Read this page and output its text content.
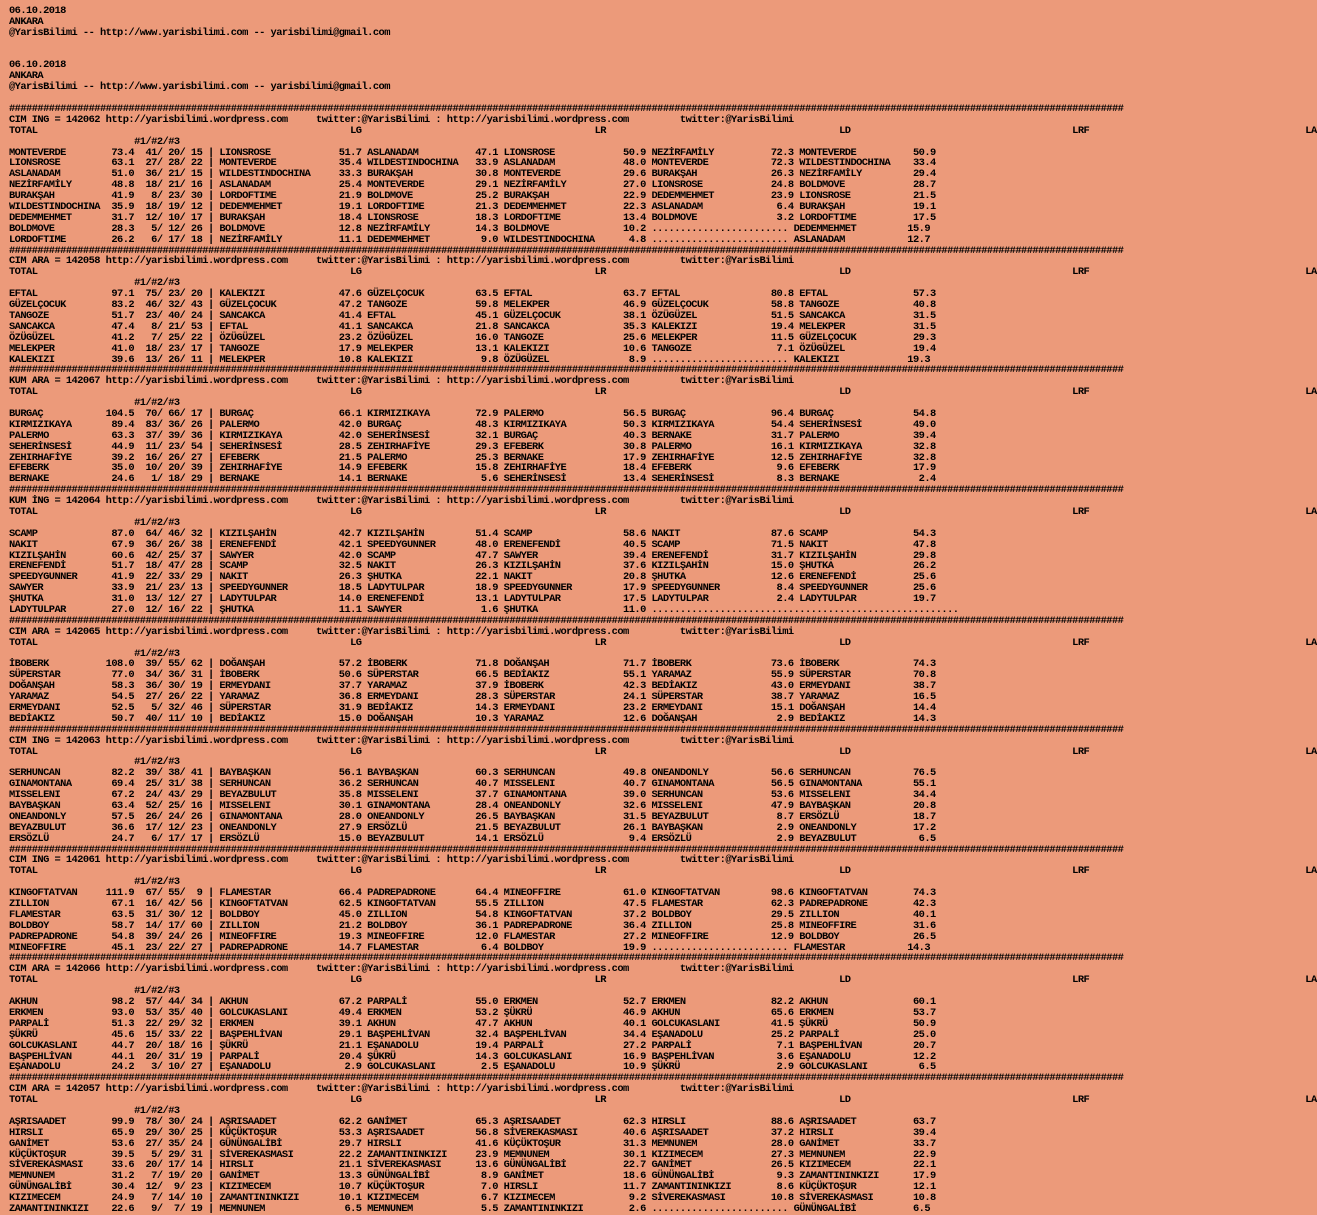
06.10.2018
ANKARA
@YarisBilimi -- http://www.yarisbilimi.com -- yarisbilimi@gmail.com

06.10.2018
ANKARA
@YarisBilimi -- http://www.yarisbilimi.com -- yarisbilimi@gmail.com

####################################################################################################################################################################################################
CIM ING = 142062 http://yarisbilimi.wordpress.com     twitter:@YarisBilimi : http://yarisbilimi.wordpress.com         twitter:@YarisBilimi
TOTAL                                                       LG                                         LR                                         LD                                       LRF                                      LA
#1/#2/#3
MONTEVERDE        73.4  41/ 20/ 15 | LIONSROSE            51.7 ASLANADAM          47.1 LIONSROSE            50.9 NEZİRFAMİLY          72.3 MONTEVERDE          50.9
LIONSROSE         63.1  27/ 28/ 22 | MONTEVERDE           35.4 WILDESTINDOCHINA   33.9 ASLANADAM            48.0 MONTEVERDE           72.3 WILDESTINDOCHINA    33.4
ASLANADAM         51.0  36/ 21/ 15 | WILDESTINDOCHINA     33.3 BURAKŞAH           30.8 MONTEVERDE           29.6 BURAKŞAH             26.3 NEZİRFAMİLY         29.4
NEZİRFAMİLY       48.8  18/ 21/ 16 | ASLANADAM            25.4 MONTEVERDE         29.1 NEZİRFAMİLY          27.0 LIONSROSE            24.8 BOLDMOVE            28.7
BURAKŞAH          41.9   8/ 23/ 30 | LORDOFTIME           21.9 BOLDMOVE           25.2 BURAKŞAH             22.9 DEDEMMEHMET          23.9 LIONSROSE           21.5
WILDESTINDOCHINA  35.9  18/ 19/ 12 | DEDEMMEHMET          19.1 LORDOFTIME         21.3 DEDEMMEHMET          22.3 ASLANADAM             6.4 BURAKŞAH            19.1
DEDEMMEHMET       31.7  12/ 10/ 17 | BURAKŞAH             18.4 LIONSROSE          18.3 LORDOFTIME           13.4 BOLDMOVE              3.2 LORDOFTIME          17.5
BOLDMOVE          28.3   5/ 12/ 26 | BOLDMOVE             12.8 NEZİRFAMİLY        14.3 BOLDMOVE             10.2 ........................ DEDEMMEHMET         15.9
LORDOFTIME        26.2   6/ 17/ 18 | NEZİRFAMİLY          11.1 DEDEMMEHMET         9.0 WILDESTINDOCHINA      4.8 ........................ ASLANADAM           12.7
####################################################################################################################################################################################################
CIM ARA = 142058 http://yarisbilimi.wordpress.com     twitter:@YarisBilimi : http://yarisbilimi.wordpress.com         twitter:@YarisBilimi
TOTAL                                                       LG                                         LR                                         LD                                       LRF                                      LA
#1/#2/#3
EFTAL             97.1  75/ 23/ 20 | KALEKIZI             47.6 GÜZELÇOCUK         63.5 EFTAL                63.7 EFTAL                80.8 EFTAL               57.3
GÜZELÇOCUK        83.2  46/ 32/ 43 | GÜZELÇOCUK           47.2 TANGOZE            59.8 MELEKPER             46.9 GÜZELÇOCUK           58.8 TANGOZE             40.8
TANGOZE           51.7  23/ 40/ 24 | SANCAKCA             41.4 EFTAL              45.1 GÜZELÇOCUK           38.1 ÖZÜGÜZEL             51.5 SANCAKCA            31.5
SANCAKCA          47.4   8/ 21/ 53 | EFTAL                41.1 SANCAKCA           21.8 SANCAKCA             35.3 KALEKIZI             19.4 MELEKPER            31.5
ÖZÜGÜZEL          41.2   7/ 25/ 22 | ÖZÜGÜZEL             23.2 ÖZÜGÜZEL           16.0 TANGOZE              25.6 MELEKPER             11.5 GÜZELÇOCUK          29.3
MELEKPER          41.0  18/ 23/ 17 | TANGOZE              17.9 MELEKPER           13.1 KALEKIZI             10.6 TANGOZE               7.1 ÖZÜGÜZEL            19.4
KALEKIZI          39.6  13/ 26/ 11 | MELEKPER             10.8 KALEKIZI            9.8 ÖZÜGÜZEL              8.9 ........................ KALEKIZI            19.3
####################################################################################################################################################################################################
KUM ARA = 142067 http://yarisbilimi.wordpress.com     twitter:@YarisBilimi : http://yarisbilimi.wordpress.com         twitter:@YarisBilimi
TOTAL                                                       LG                                         LR                                         LD                                       LRF                                      LA
#1/#2/#3
BURGAÇ           104.5  70/ 66/ 17 | BURGAÇ               66.1 KIRMIZIKAYA        72.9 PALERMO              56.5 BURGAÇ               96.4 BURGAÇ              54.8
KIRMIZIKAYA       89.4  83/ 36/ 26 | PALERMO              42.0 BURGAÇ             48.3 KIRMIZIKAYA          50.3 KIRMIZIKAYA          54.4 SEHERİNSESİ         49.0
PALERMO           63.3  37/ 39/ 36 | KIRMIZIKAYA          42.0 SEHERİNSESİ        32.1 BURGAÇ               40.3 BERNAKE              31.7 PALERMO             39.4
SEHERİNSESİ       44.9  11/ 23/ 54 | SEHERİNSESİ          28.5 ZEHIRHAFİYE        29.3 EFEBERK              30.8 PALERMO              16.1 KIRMIZIKAYA         32.8
ZEHIRHAFİYE       39.2  16/ 26/ 27 | EFEBERK              21.5 PALERMO            25.3 BERNAKE              17.9 ZEHIRHAFİYE          12.5 ZEHIRHAFİYE         32.8
EFEBERK           35.0  10/ 20/ 39 | ZEHIRHAFİYE          14.9 EFEBERK            15.8 ZEHIRHAFİYE          18.4 EFEBERK               9.6 EFEBERK             17.9
BERNAKE           24.6   1/ 18/ 29 | BERNAKE              14.1 BERNAKE             5.6 SEHERİNSESİ          13.4 SEHERİNSESİ           8.3 BERNAKE              2.4
####################################################################################################################################################################################################
KUM İNG = 142064 http://yarisbilimi.wordpress.com     twitter:@YarisBilimi : http://yarisbilimi.wordpress.com         twitter:@YarisBilimi
TOTAL                                                       LG                                         LR                                         LD                                       LRF                                      LA
#1/#2/#3
SCAMP             87.0  64/ 46/ 32 | KIZILŞAHİN           42.7 KIZILŞAHİN         51.4 SCAMP                58.6 NAKIT                87.6 SCAMP               54.3
NAKIT             67.9  36/ 26/ 38 | ERENEFENDİ           42.1 SPEEDYGUNNER       48.0 ERENEFENDİ           40.5 SCAMP                71.5 NAKIT               47.8
KIZILŞAHİN        60.6  42/ 25/ 37 | SAWYER               42.0 SCAMP              47.7 SAWYER               39.4 ERENEFENDİ           31.7 KIZILŞAHİN          29.8
ERENEFENDİ        51.7  18/ 47/ 28 | SCAMP                32.5 NAKIT              26.3 KIZILŞAHİN           37.6 KIZILŞAHİN           15.0 ŞHUTKA              26.2
SPEEDYGUNNER      41.9  22/ 33/ 29 | NAKIT                26.3 ŞHUTKA             22.1 NAKIT                20.8 ŞHUTKA               12.6 ERENEFENDİ          25.6
SAWYER            33.9  21/ 23/ 13 | SPEEDYGUNNER         18.5 LADYTULPAR         18.9 SPEEDYGUNNER         17.9 SPEEDYGUNNER          8.4 SPEEDYGUNNER        25.6
ŞHUTKA            31.0  13/ 12/ 27 | LADYTULPAR           14.0 ERENEFENDİ         13.1 LADYTULPAR           17.5 LADYTULPAR            2.4 LADYTULPAR          19.7
LADYTULPAR        27.0  12/ 16/ 22 | ŞHUTKA               11.1 SAWYER              1.6 ŞHUTKA               11.0 ......................................................
####################################################################################################################################################################################################
CIM ARA = 142065 http://yarisbilimi.wordpress.com     twitter:@YarisBilimi : http://yarisbilimi.wordpress.com         twitter:@YarisBilimi
TOTAL                                                       LG                                         LR                                         LD                                       LRF                                      LA
#1/#2/#3
İBOBERK          108.0  39/ 55/ 62 | DOĞANŞAH             57.2 İBOBERK            71.8 DOĞANŞAH             71.7 İBOBERK              73.6 İBOBERK             74.3
SÜPERSTAR         77.0  34/ 36/ 31 | İBOBERK              50.6 SÜPERSTAR          66.5 BEDİAKIZ             55.1 YARAMAZ              55.9 SÜPERSTAR           70.8
DOĞANŞAH          58.3  36/ 30/ 19 | ERMEYDANI            37.7 YARAMAZ            37.9 İBOBERK              42.3 BEDİAKIZ             43.0 ERMEYDANI           38.7
YARAMAZ           54.5  27/ 26/ 22 | YARAMAZ              36.8 ERMEYDANI          28.3 SÜPERSTAR            24.1 SÜPERSTAR            38.7 YARAMAZ             16.5
ERMEYDANI         52.5   5/ 32/ 46 | SÜPERSTAR            31.9 BEDİAKIZ           14.3 ERMEYDANI            23.2 ERMEYDANI            15.1 DOĞANŞAH            14.4
BEDİAKIZ          50.7  40/ 11/ 10 | BEDİAKIZ             15.0 DOĞANŞAH           10.3 YARAMAZ              12.6 DOĞANŞAH              2.9 BEDİAKIZ            14.3
####################################################################################################################################################################################################
CIM ING = 142063 http://yarisbilimi.wordpress.com     twitter:@YarisBilimi : http://yarisbilimi.wordpress.com         twitter:@YarisBilimi
TOTAL                                                       LG                                         LR                                         LD                                       LRF                                      LA
#1/#2/#3
SERHUNCAN         82.2  39/ 38/ 41 | BAYBAŞKAN            56.1 BAYBAŞKAN          60.3 SERHUNCAN            49.8 ONEANDONLY           56.6 SERHUNCAN           76.5
GINAMONTANA       69.4  25/ 31/ 38 | SERHUNCAN            36.2 SERHUNCAN          40.7 MISSELENI            40.7 GINAMONTANA          56.5 GINAMONTANA         55.1
MISSELENI         67.2  24/ 43/ 29 | BEYAZBULUT           35.8 MISSELENI          37.7 GINAMONTANA          39.0 SERHUNCAN            53.6 MISSELENI           34.4
BAYBAŞKAN         63.4  52/ 25/ 16 | MISSELENI            30.1 GINAMONTANA        28.4 ONEANDONLY           32.6 MISSELENI            47.9 BAYBAŞKAN           20.8
ONEANDONLY        57.5  26/ 24/ 26 | GINAMONTANA          28.0 ONEANDONLY         26.5 BAYBAŞKAN            31.5 BEYAZBULUT            8.7 ERSÖZLÜ             18.7
BEYAZBULUT        36.6  17/ 12/ 23 | ONEANDONLY           27.9 ERSÖZLÜ            21.5 BEYAZBULUT           26.1 BAYBAŞKAN             2.9 ONEANDONLY          17.2
ERSÖZLÜ           24.7   6/ 17/ 17 | ERSÖZLÜ              15.0 BEYAZBULUT         14.1 ERSÖZLÜ               9.4 ERSÖZLÜ               2.9 BEYAZBULUT           6.5
####################################################################################################################################################################################################
CIM ING = 142061 http://yarisbilimi.wordpress.com     twitter:@YarisBilimi : http://yarisbilimi.wordpress.com         twitter:@YarisBilimi
TOTAL                                                       LG                                         LR                                         LD                                       LRF                                      LA
#1/#2/#3
KINGOFTATVAN     111.9  67/ 55/  9 | FLAMESTAR            66.4 PADREPADRONE       64.4 MINEOFFIRE           61.0 KINGOFTATVAN         98.6 KINGOFTATVAN        74.3
ZILLION           67.1  16/ 42/ 56 | KINGOFTATVAN         62.5 KINGOFTATVAN       55.5 ZILLION              47.5 FLAMESTAR            62.3 PADREPADRONE        42.3
FLAMESTAR         63.5  31/ 30/ 12 | BOLDBOY              45.0 ZILLION            54.8 KINGOFTATVAN         37.2 BOLDBOY              29.5 ZILLION             40.1
BOLDBOY           58.7  14/ 17/ 60 | ZILLION              21.2 BOLDBOY            36.1 PADREPADRONE         36.4 ZILLION              25.8 MINEOFFIRE          31.6
PADREPADRONE      54.8  39/ 24/ 26 | MINEOFFIRE           19.3 MINEOFFIRE         12.0 FLAMESTAR            27.2 MINEOFFIRE           12.9 BOLDBOY             26.5
MINEOFFIRE        45.1  23/ 22/ 27 | PADREPADRONE         14.7 FLAMESTAR           6.4 BOLDBOY              19.9 ........................ FLAMESTAR           14.3
####################################################################################################################################################################################################
CIM ARA = 142066 http://yarisbilimi.wordpress.com     twitter:@YarisBilimi : http://yarisbilimi.wordpress.com         twitter:@YarisBilimi
TOTAL                                                       LG                                         LR                                         LD                                       LRF                                      LA
#1/#2/#3
AKHUN             98.2  57/ 44/ 34 | AKHUN                67.2 PARPALİ            55.0 ERKMEN               52.7 ERKMEN               82.2 AKHUN               60.1
ERKMEN            93.0  53/ 35/ 40 | GOLCUKASLANI         49.4 ERKMEN             53.2 ŞÜKRÜ                46.9 AKHUN                65.6 ERKMEN              53.7
PARPALİ           51.3  22/ 29/ 32 | ERKMEN               39.1 AKHUN              47.7 AKHUN                40.1 GOLCUKASLANI         41.5 ŞÜKRÜ               50.9
ŞÜKRÜ             45.6  15/ 33/ 22 | BAŞPEHLİVAN          29.1 BAŞPEHLİVAN        32.4 BAŞPEHLİVAN          34.4 EŞANADOLU            25.2 PARPALİ             25.0
GOLCUKASLANI      44.7  20/ 18/ 16 | ŞÜKRÜ                21.1 EŞANADOLU          19.4 PARPALİ              27.2 PARPALİ               7.1 BAŞPEHLİVAN         20.7
BAŞPEHLİVAN       44.1  20/ 31/ 19 | PARPALİ              20.4 ŞÜKRÜ              14.3 GOLCUKASLANI         16.9 BAŞPEHLİVAN           3.6 EŞANADOLU           12.2
EŞANADOLU         24.2   3/ 10/ 27 | EŞANADOLU             2.9 GOLCUKASLANI        2.5 EŞANADOLU            10.9 ŞÜKRÜ                 2.9 GOLCUKASLANI         6.5
####################################################################################################################################################################################################
CIM ARA = 142057 http://yarisbilimi.wordpress.com     twitter:@YarisBilimi : http://yarisbilimi.wordpress.com         twitter:@YarisBilimi
TOTAL                                                       LG                                         LR                                         LD                                       LRF                                      LA
#1/#2/#3
AŞRISAADET        99.9  78/ 30/ 24 | AŞRISAADET           62.2 GANİMET            65.3 AŞRISAADET           62.3 HIRSLI               88.6 AŞRISAADET          63.7
HIRSLI            65.9  29/ 30/ 25 | KÜÇÜKTOŞUR           53.3 AŞRISAADET         56.8 SİVEREKASMASI        40.6 AŞRISAADET           37.2 HIRSLI              39.4
GANİMET           53.6  27/ 35/ 24 | GÜNÜNGALİBİ          29.7 HIRSLI             41.6 KÜÇÜKTOŞUR           31.3 MEMNUNEM             28.0 GANİMET             33.7
KÜÇÜKTOŞUR        39.5   5/ 29/ 31 | SİVEREKASMASI        22.2 ZAMANTININKIZI     23.9 MEMNUNEM             30.1 KIZIMECEM            27.3 MEMNUNEM            22.9
SİVEREKASMASI     33.6  20/ 17/ 14 | HIRSLI               21.1 SİVEREKASMASI      13.6 GÜNÜNGALİBİ          22.7 GANİMET              26.5 KIZIMECEM           22.1
MEMNUNEM          31.2   7/ 19/ 20 | GANİMET              13.3 GÜNÜNGALİBİ         8.9 GANİMET              18.6 GÜNÜNGALİBİ           9.3 ZAMANTININKIZI      17.9
GÜNÜNGALİBİ       30.4  12/  9/ 23 | KIZIMECEM            10.7 KÜÇÜKTOŞUR          7.0 HIRSLI               11.7 ZAMANTININKIZI        8.6 KÜÇÜKTOŞUR          12.1
KIZIMECEM         24.9   7/ 14/ 10 | ZAMANTININKIZI       10.1 KIZIMECEM           6.7 KIZIMECEM             9.2 SİVEREKASMASI        10.8 SİVEREKASMASI       10.8
ZAMANTININKIZI    22.6   9/  7/ 19 | MEMNUNEM              6.5 MEMNUNEM            5.5 ZAMANTININKIZI        2.6 ........................ GÜNÜNGALİBİ          6.5
